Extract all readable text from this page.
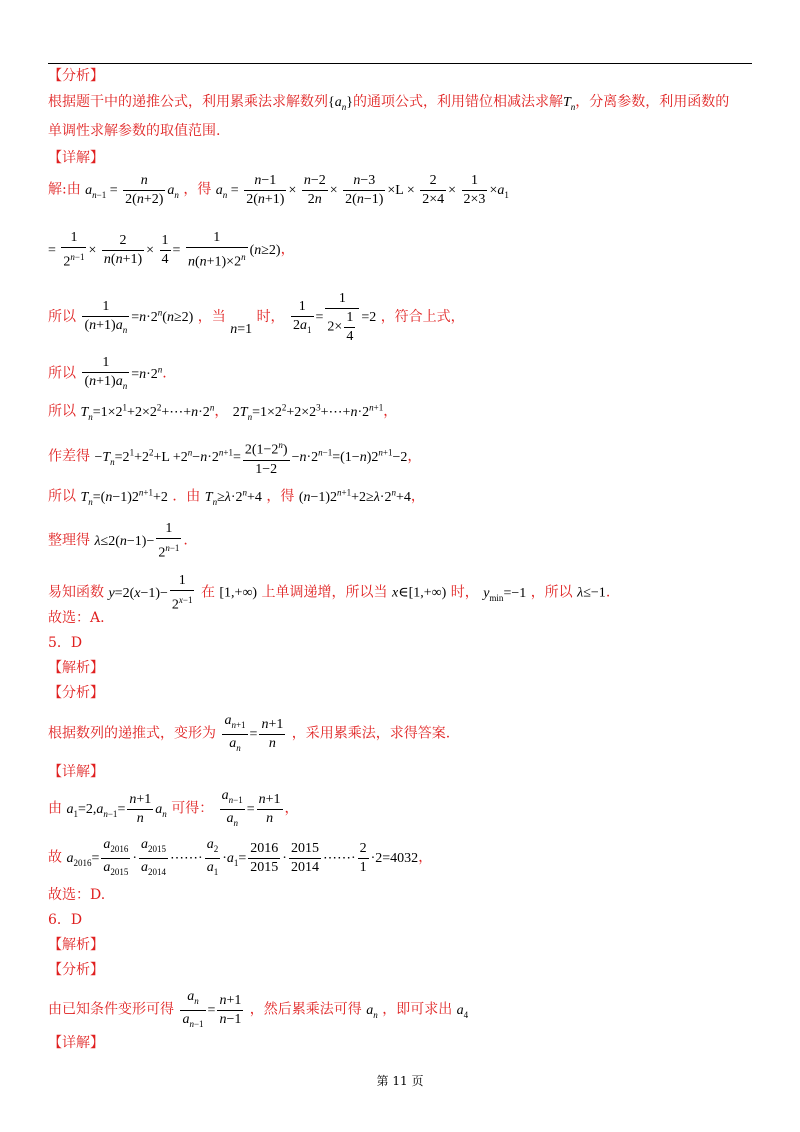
【分析】
根据题干中的递推公式，利用累乘法求解数列$\{a_n\}$的通项公式，利用错位相减法求解$T_n$，分离参数，利用函数的
单调性求解参数的取值范围.
【详解】
解:由 $a_{n-1} = \frac{n}{2(n+2)} a_n$ ，得 $a_n = \frac{n-1}{2(n+1)} \times \frac{n-2}{2n} \times \frac{n-3}{2(n-1)} \times L \times \frac{2}{2\times 4} \times \frac{1}{2\times 3} \times a_1$
= $\frac{1}{2^{n-1}} \times \frac{2}{n(n+1)} \times \frac{1}{4} = \frac{1}{n(n+1)\times 2^n} (n\ge 2)$，
所以 $\frac{1}{(n+1)a_n} =n\cdot 2^n(n\ge 2)$ ，当 n=1 时， $\frac{1}{2a_1} = \frac{1}{2\times \frac{1}{4}} =2$ ，符合上式，
所以 $\frac{1}{(n+1)a_n} =n\cdot 2^n$.
所以 $T_n=1\times 2^1+2\times 2^2+\cdots+n\cdot 2^n$， $2T_n=1\times 2^2+2\times 2^3+\cdots+n\cdot 2^{n+1}$，
作差得 $-T_n=2^1+2^2+L +2^n-n\cdot 2^{n+1}= \frac{2(1-2^n)}{1-2} -n\cdot 2^{n-1}=(1-n)2^{n+1}-2$，
所以 $T_n=(n-1)2^{n+1}+2$ ．由 $T_n\ge\lambda\cdot 2^n+4$ ，得 $(n-1)2^{n+1}+2\ge\lambda\cdot 2^n+4$，
整理得 $\lambda\le 2(n-1)- \frac{1}{2^{n-1}}$ .
易知函数 $y=2(x-1)- \frac{1}{2^{x-1}}$ 在 [1,+∞) 上单调递增，所以当 x∈[1,+∞) 时， $y_{min}=-1$ ，所以 λ≤−1.
故选：A.
5．D
【解析】
【分析】
根据数列的递推式，变形为 $\frac{a_{n+1}}{a_n} = \frac{n+1}{n}$ ，采用累乘法，求得答案.
【详解】
由 $a_1=2,a_{n-1}= \frac{n+1}{n} a_n$ 可得： $\frac{a_{n-1}}{a_n} = \frac{n+1}{n}$ ，
故 $a_{2016}= \frac{a_{2016}}{a_{2015}} \cdot \frac{a_{2015}}{a_{2014}}$ ⋯⋯· $\frac{a_2}{a_1} \cdot a_1= \frac{2016}{2015} \cdot \frac{2015}{2014}$ ⋯⋯· $\frac{2}{1} \cdot 2=4032$，
故选：D.
6．D
【解析】
【分析】
由已知条件变形可得 $\frac{a_n}{a_{n-1}} = \frac{n+1}{n-1}$ ，然后累乘法可得 $a_n$ ，即可求出 $a_4$
【详解】
第 11 页
